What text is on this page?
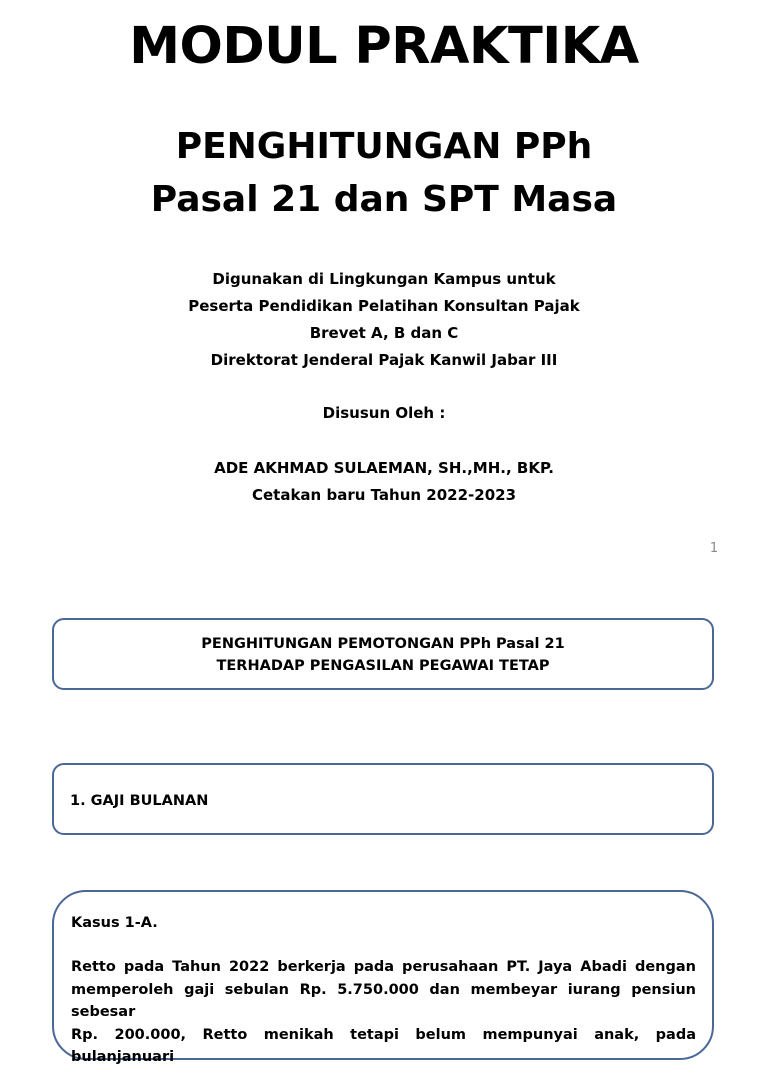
MODUL PRAKTIKA
PENGHITUNGAN PPh
Pasal 21 dan SPT Masa
Digunakan di Lingkungan Kampus untuk
Peserta Pendidikan Pelatihan Konsultan Pajak
Brevet A, B dan C
Direktorat Jenderal Pajak Kanwil Jabar III
Disusun Oleh :
ADE AKHMAD SULAEMAN, SH.,MH., BKP.
Cetakan baru Tahun 2022-2023
1
PENGHITUNGAN PEMOTONGAN PPh Pasal 21
TERHADAP PENGASILAN PEGAWAI TETAP
1. GAJI BULANAN
Kasus 1-A.
Retto pada Tahun 2022 berkerja pada perusahaan PT. Jaya Abadi dengan
memperoleh gaji sebulan Rp. 5.750.000 dan membeyar iurang pensiun sebesar
Rp. 200.000, Retto menikah tetapi belum mempunyai anak, pada bulanjanuari
